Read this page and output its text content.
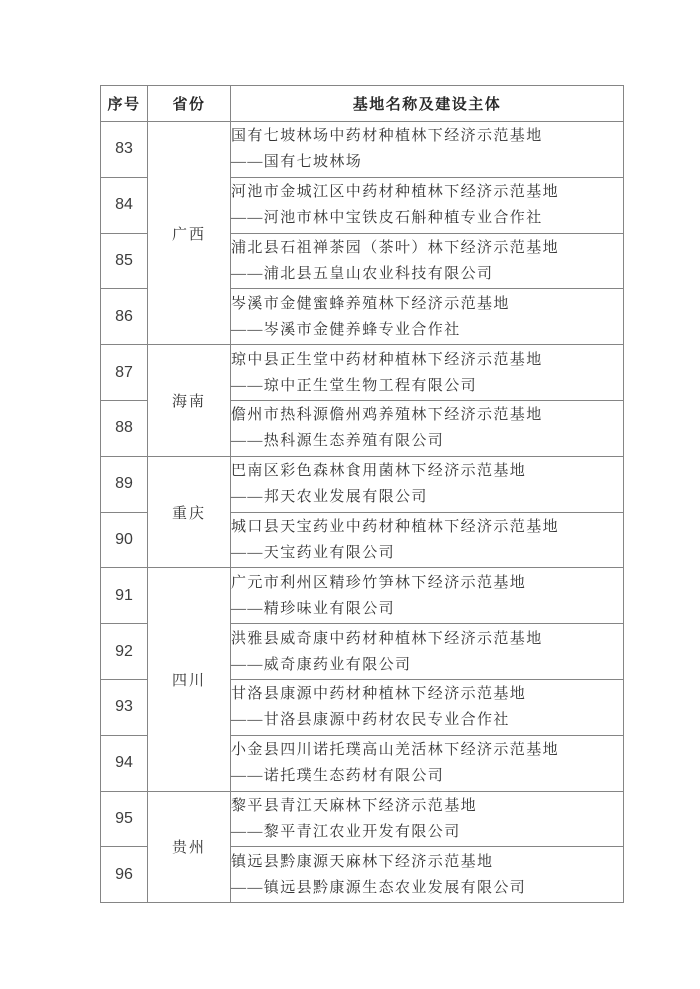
序号	省份	基地名称及建设主体
83	广西	国有七坡林场中药材种植林下经济示范基地
——国有七坡林场

84		河池市金城江区中药材种植林下经济示范基地
——河池市林中宝铁皮石斛种植专业合作社

85		浦北县石祖禅茶园（茶叶）林下经济示范基地
——浦北县五皇山农业科技有限公司

86		岑溪市金健蜜蜂养殖林下经济示范基地
——岑溪市金健养蜂专业合作社

87	海南	琼中县正生堂中药材种植林下经济示范基地
——琼中正生堂生物工程有限公司

88		儋州市热科源儋州鸡养殖林下经济示范基地
——热科源生态养殖有限公司

89	重庆	巴南区彩色森林食用菌林下经济示范基地
——邦天农业发展有限公司

90		城口县天宝药业中药材种植林下经济示范基地
——天宝药业有限公司

91	四川	广元市利州区精珍竹笋林下经济示范基地
——精珍味业有限公司

92		洪雅县威奇康中药材种植林下经济示范基地
——威奇康药业有限公司

93		甘洛县康源中药材种植林下经济示范基地
——甘洛县康源中药材农民专业合作社

94		小金县四川诺托璞高山羌活林下经济示范基地
——诺托璞生态药材有限公司

95	贵州	黎平县青江天麻林下经济示范基地
——黎平青江农业开发有限公司

96		镇远县黔康源天麻林下经济示范基地
——镇远县黔康源生态农业发展有限公司
